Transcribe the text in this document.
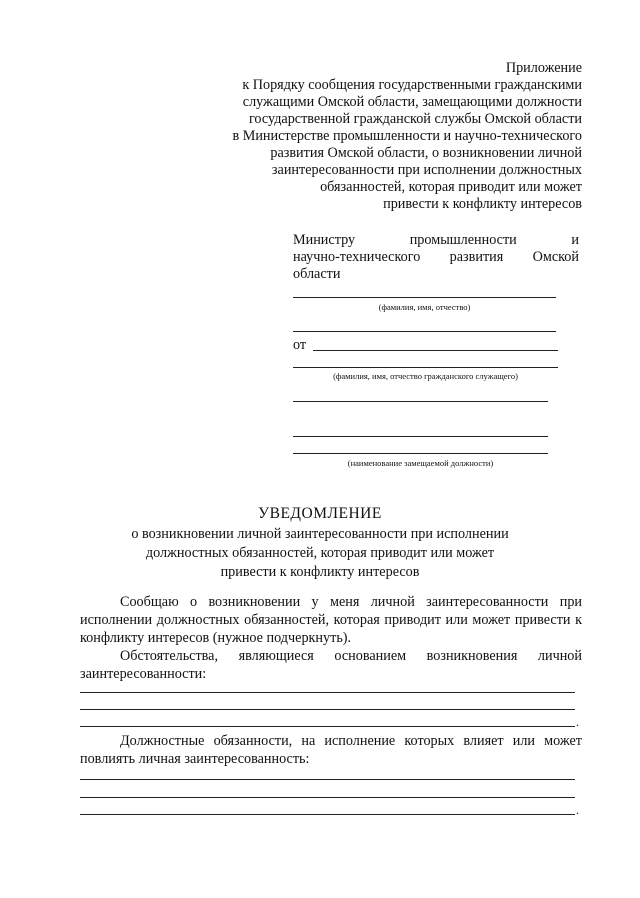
Приложение
к Порядку сообщения государственными гражданскими
служащими Омской области, замещающими должности
государственной гражданской службы Омской области
в Министерстве промышленности и научно-технического
развития Омской области, о возникновении личной
заинтересованности при исполнении должностных
обязанностей, которая приводит или может
привести к конфликту интересов
Министру промышленности и
научно-технического развития Омской
области
(фамилия, имя, отчество)
от
(фамилия, имя, отчество гражданского служащего)
(наименование замещаемой должности)
УВЕДОМЛЕНИЕ
о возникновении личной заинтересованности при исполнении
должностных обязанностей, которая приводит или может
привести к конфликту интересов
Сообщаю о возникновении у меня личной заинтересованности при исполнении должностных обязанностей, которая приводит или может привести к конфликту интересов (нужное подчеркнуть).
Обстоятельства, являющиеся основанием возникновения личной заинтересованности:
.
Должностные обязанности, на исполнение которых влияет или может повлиять личная заинтересованность:
.
